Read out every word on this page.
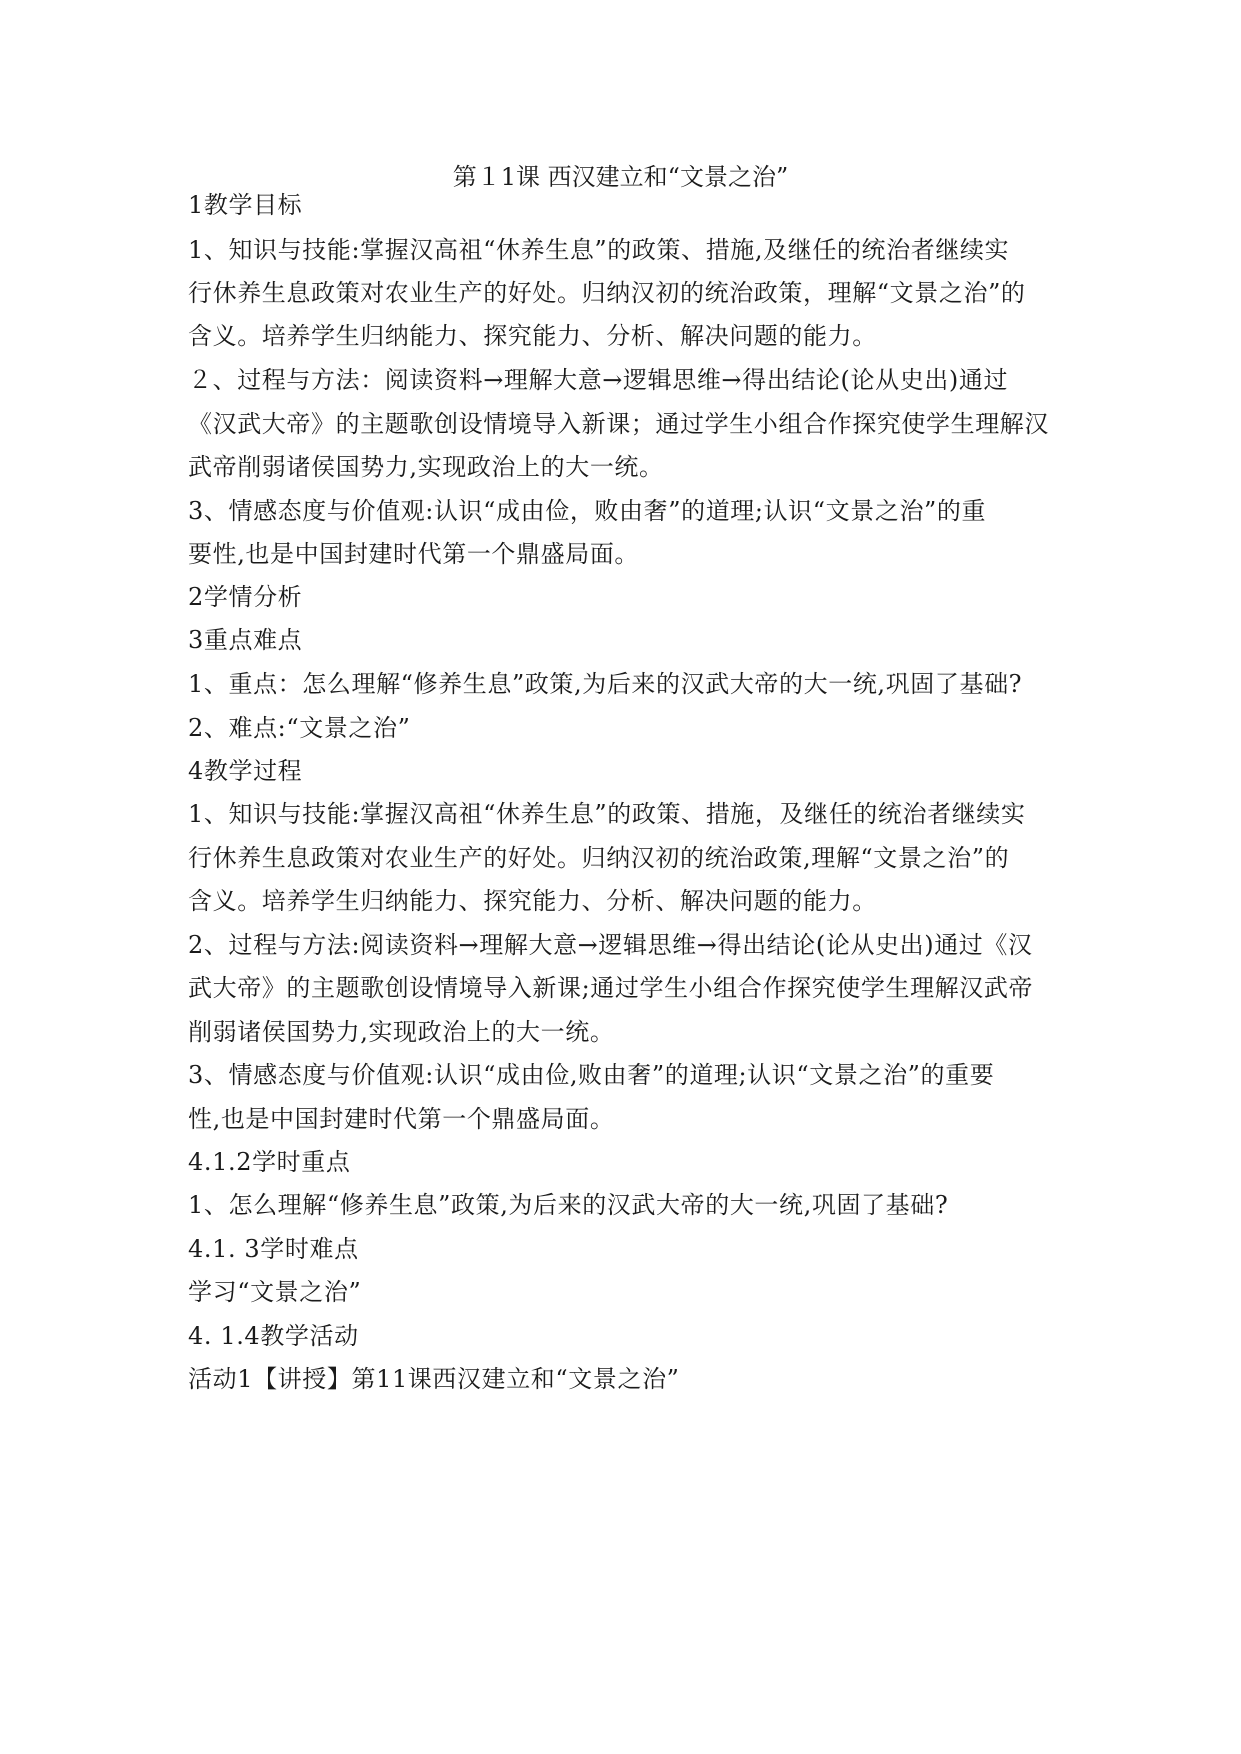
第１1课 西汉建立和“文景之治”
1教学目标
1、知识与技能:掌握汉高祖“休养生息”的政策、措施,及继任的统治者继续实
行休养生息政策对农业生产的好处。归纳汉初的统治政策，理解“文景之治”的
含义。培养学生归纳能力、探究能力、分析、解决问题的能力。
２、过程与方法：阅读资料→理解大意→逻辑思维→得出结论(论从史出)通过
《汉武大帝》的主题歌创设情境导入新课；通过学生小组合作探究使学生理解汉
武帝削弱诸侯国势力,实现政治上的大一统。
3、情感态度与价值观:认识“成由俭，败由奢”的道理;认识“文景之治”的重
要性,也是中国封建时代第一个鼎盛局面。
2学情分析
3重点难点
1、重点：怎么理解“修养生息”政策,为后来的汉武大帝的大一统,巩固了基础?
2、难点:“文景之治”
4教学过程
1、知识与技能:掌握汉高祖“休养生息”的政策、措施，及继任的统治者继续实
行休养生息政策对农业生产的好处。归纳汉初的统治政策,理解“文景之治”的
含义。培养学生归纳能力、探究能力、分析、解决问题的能力。
2、过程与方法:阅读资料→理解大意→逻辑思维→得出结论(论从史出)通过《汉
武大帝》的主题歌创设情境导入新课;通过学生小组合作探究使学生理解汉武帝
削弱诸侯国势力,实现政治上的大一统。
3、情感态度与价值观:认识“成由俭,败由奢”的道理;认识“文景之治”的重要
性,也是中国封建时代第一个鼎盛局面。
4.1.2学时重点
1、怎么理解“修养生息”政策,为后来的汉武大帝的大一统,巩固了基础?
4.1. 3学时难点
学习“文景之治”
4. 1.4教学活动
活动1【讲授】第11课西汉建立和“文景之治”
